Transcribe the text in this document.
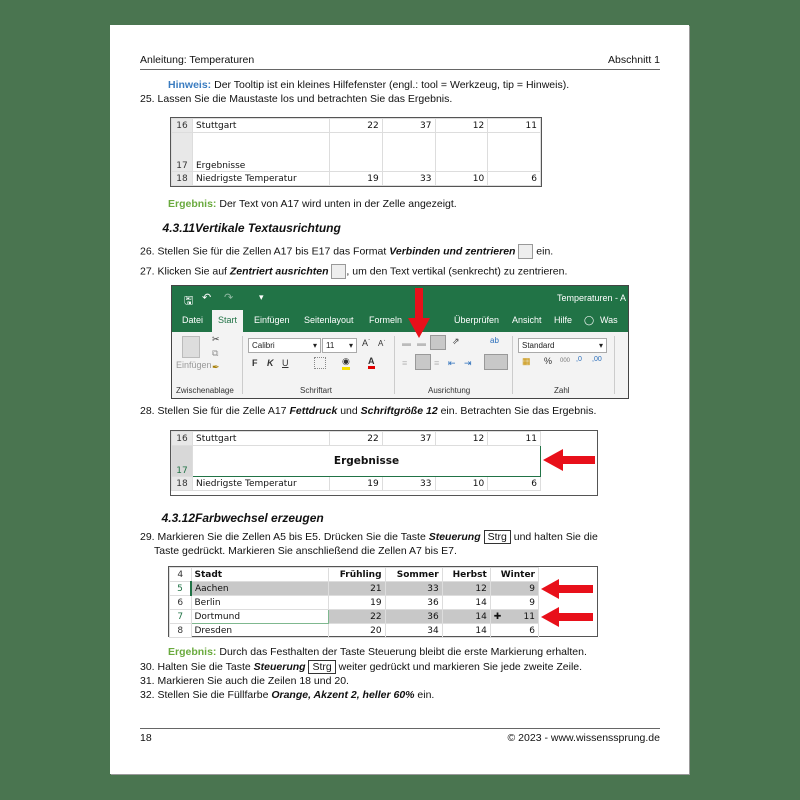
Anleitung: Temperaturen	Abschnitt 1
Hinweis: Der Tooltip ist ein kleines Hilfefenster (engl.: tool = Werkzeug, tip = Hinweis).
25. Lassen Sie die Maustaste los und betrachten Sie das Ergebnis.
16	Stuttgart	22	37	12	11
17	Ergebnisse				
18	Niedrigste Temperatur	19	33	10	6
Ergebnis: Der Text von A17 wird unten in der Zelle angezeigt.
4.3.11Vertikale Textausrichtung
26. Stellen Sie für die Zellen A17 bis E17 das Format Verbinden und zentrieren  ein.
27. Klicken Sie auf Zentriert ausrichten , um den Text vertikal (senkrecht) zu zentrieren.
🖫 ↶ ↷	▾	Temperaturen - A
Datei	Start	Einfügen Seitenlayout Formeln	Überprüfen Ansicht Hilfe ◯ Was
Einfügen
✂
⧉
✒
Zwischenablage
Calibri	▾	11 ▾ A˙ A˙
F K U	◉ A
Schriftart
▬ ▬	⇗
≡	≡ ⇤ ⇥
ab
Ausrichtung
Standard	▾
▦ % 000 ,0 ,00
Zahl
28. Stellen Sie für die Zelle A17 Fettdruck und Schriftgröße 12 ein. Betrachten Sie das Ergebnis.
16	Stuttgart	22	37	12	11
17	Ergebnisse				
18	Niedrigste Temperatur	19	33	10	6
4.3.12Farbwechsel erzeugen
29. Markieren Sie die Zellen A5 bis E5. Drücken Sie die Taste Steuerung Strg und halten Sie die
Taste gedrückt. Markieren Sie anschließend die Zellen A7 bis E7.
4	Stadt	Frühling	Sommer	Herbst	Winter
5	Aachen	21	33	12	9
6	Berlin	19	36	14	9
7	Dortmund	22	36	14	✚ 11
8	Dresden	20	34	14	6
Ergebnis: Durch das Festhalten der Taste Steuerung bleibt die erste Markierung erhalten.
30. Halten Sie die Taste Steuerung Strg weiter gedrückt und markieren Sie jede zweite Zeile.
31. Markieren Sie auch die Zeilen 18 und 20.
32. Stellen Sie die Füllfarbe Orange, Akzent 2, heller 60% ein.
18	© 2023 - www.wissenssprung.de
